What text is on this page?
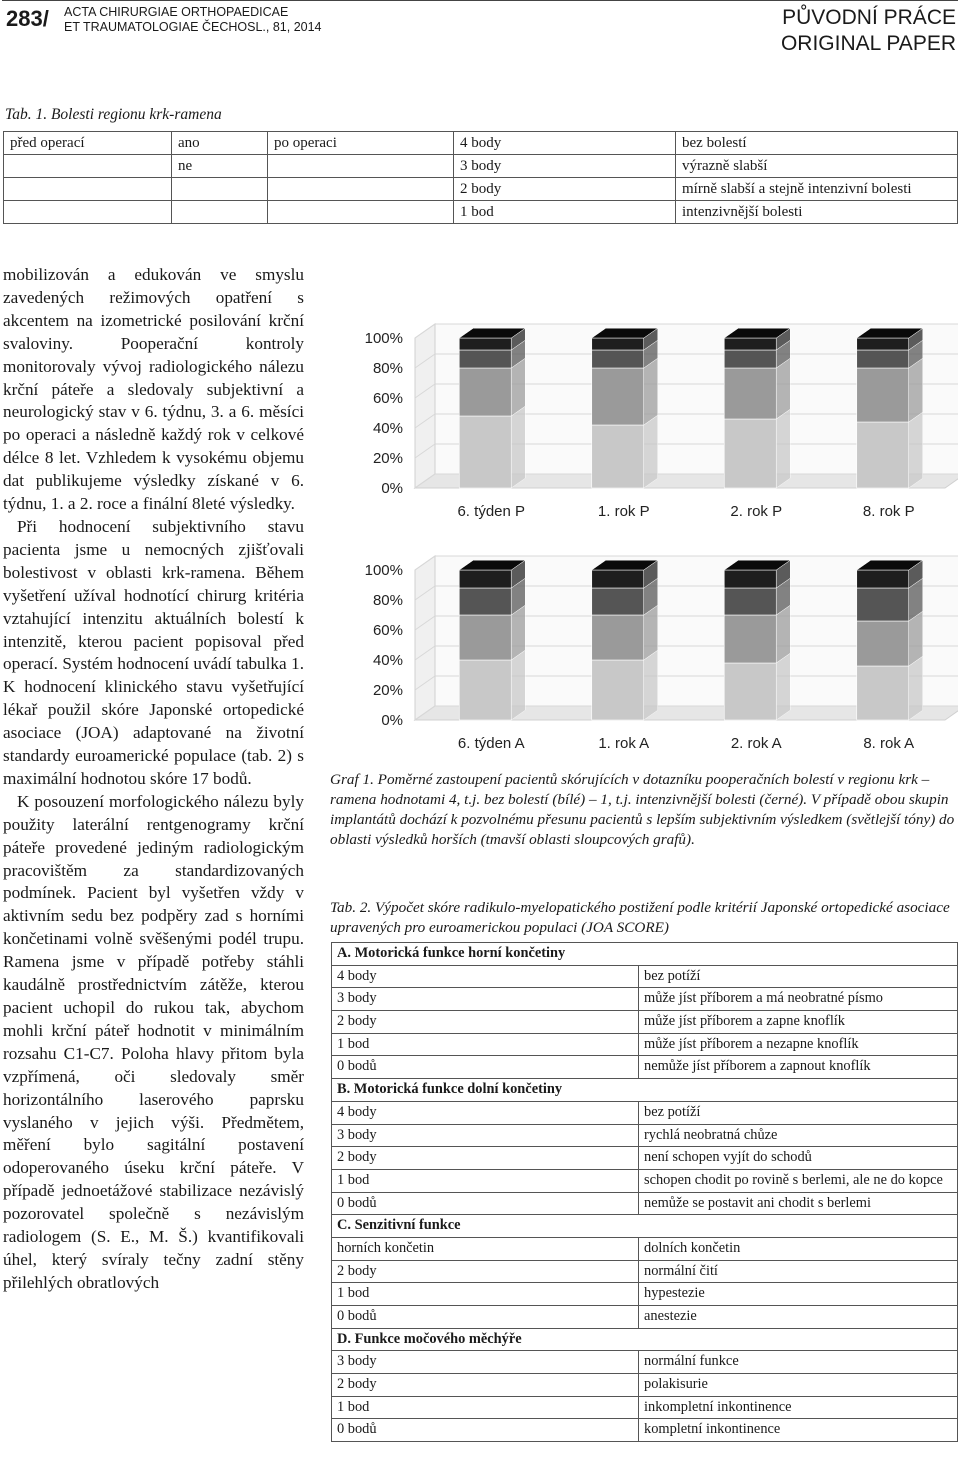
283/ ACTA CHIRURGIAE ORTHOPAEDICAE
ET TRAUMATOLOGIAE ČECHOSL., 81, 2014	PŮVODNÍ PRÁCE
ORIGINAL PAPER
Tab. 1. Bolesti regionu krk-ramena
před operací	ano	po operaci	4 body	bez bolestí
	ne		3 body	výrazně slabší
			2 body	mírně slabší a stejně intenzivní bolesti
			1 bod	intenzivnější bolesti

mobilizován a edukován ve smyslu zavedených režimových opatření s akcentem na izometrické posilování krční svaloviny. Pooperační kontroly monitorovaly vývoj radiologického nálezu krční páteře a sledovaly subjektivní a neurologický stav v 6. týdnu, 3. a 6. měsíci po operaci a následně každý rok v celkové délce 8 let. Vzhledem k vysokému objemu dat publikujeme výsledky získané v 6. týdnu, 1. a 2. roce a finální 8leté výsledky.

Při hodnocení subjektivního stavu pacienta jsme u nemocných zjišťovali bolestivost v oblasti krk-ramena. Během vyšetření užíval hodnotící chirurg kritéria vztahující intenzitu aktuálních bolestí k intenzitě, kterou pacient popisoval před operací. Systém hodnocení uvádí tabulka 1. K hodnocení klinického stavu vyšetřující lékař použil skóre Japonské ortopedické asociace (JOA) adaptované na životní standardy euroamerické populace (tab. 2) s maximální hodnotou skóre 17 bodů.

K posouzení morfologického nálezu byly použity laterální rentgenogramy krční páteře provedené jediným radiologickým pracovištěm za standardizovaných podmínek. Pacient byl vyšetřen vždy v aktivním sedu bez podpěry zad s horními končetinami volně svěšenými podél trupu. Ramena jsme v případě potřeby stáhli kaudálně prostřednictvím zátěže, kterou pacient uchopil do rukou tak, abychom mohli krční páteř hodnotit v minimálním rozsahu C1-C7. Poloha hlavy přitom byla vzpřímená, oči sledovaly směr horizontálního laserového paprsku vyslaného v jejich výši. Předmětem, měření bylo sagitální postavení odoperovaného úseku krční páteře. V případě jednoetážové stabilizace nezávislý pozorovatel společně s nezávislým radiologem (S. E., M. Š.) kvantifikovali úhel, který svíraly tečny zadní stěny přilehlých obratlových

0%
20%
40%
60%
80%
100%
6. týden P	1. rok P	2. rok P	8. rok P
0%
20%
40%
60%
80%
100%
6. týden A	1. rok A	2. rok A	8. rok A
Graf 1. Poměrné zastoupení pacientů skórujících v dotazníku pooperačních bolestí v regionu krk – ramena hodnotami 4, t.j. bez bolestí (bílé) – 1, t.j. intenzivnější bolesti (černé). V případě obou skupin implantátů dochází k pozvolnému přesunu pacientů s lepším subjektivním výsledkem (světlejší tóny) do oblasti výsledků horších (tmavší oblasti sloupcových grafů).
Tab. 2. Výpočet skóre radikulo-myelopatického postižení podle kritérií Japonské ortopedické asociace upravených pro euroamerickou populaci (JOA SCORE)
A. Motorická funkce horní končetiny	
4 body	bez potíží
3 body	může jíst příborem a má neobratné písmo
2 body	může jíst příborem a zapne knoflík
1 bod	může jíst příborem a nezapne knoflík
0 bodů	nemůže jíst příborem a zapnout knoflík
B. Motorická funkce dolní končetiny	
4 body	bez potíží
3 body	rychlá neobratná chůze
2 body	není schopen vyjít do schodů
1 bod	schopen chodit po rovině s berlemi, ale ne do kopce
0 bodů	nemůže se postavit ani chodit s berlemi
C. Senzitivní funkce	
horních končetin	dolních končetin
2 body	normální čití
1 bod	hypestezie
0 bodů	anestezie
D. Funkce močového měchýře	
3 body	normální funkce
2 body	polakisurie
1 bod	inkompletní inkontinence
0 bodů	kompletní inkontinence
